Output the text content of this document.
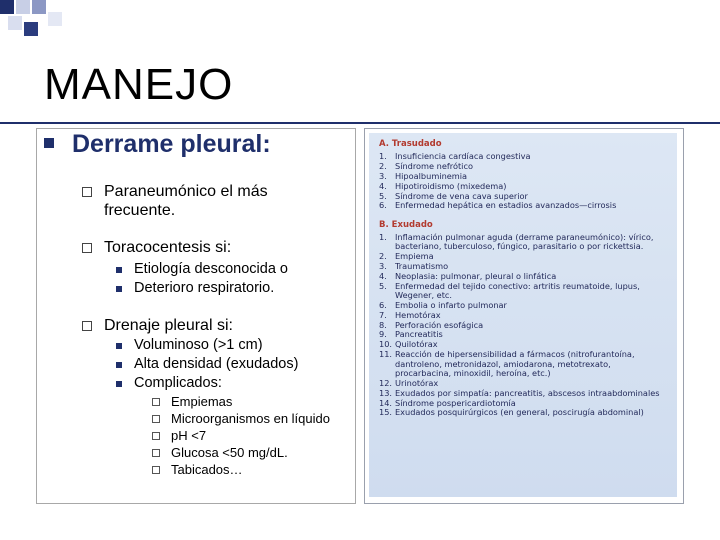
MANEJO
Derrame pleural:
Paraneumónico el más
frecuente.
Toracocentesis si:
Etiología desconocida o
Deterioro respiratorio.
Drenaje pleural si:
Voluminoso (>1 cm)
Alta densidad (exudados)
Complicados:
Empiemas
Microorganismos en líquido
pH <7
Glucosa <50 mg/dL.
Tabicados…
A. Trasudado
1. Insuficiencia cardíaca congestiva
2. Síndrome nefrótico
3. Hipoalbuminemia
4. Hipotiroidismo (mixedema)
5. Síndrome de vena cava superior
6. Enfermedad hepática en estadios avanzados—cirrosis
B. Exudado
1. Inflamación pulmonar aguda (derrame paraneumónico): vírico, bacteriano, tuberculoso, fúngico, parasitario o por rickettsia.
2. Empiema
3. Traumatismo
4. Neoplasia: pulmonar, pleural o linfática
5. Enfermedad del tejido conectivo: artritis reumatoide, lupus, Wegener, etc.
6. Embolia o infarto pulmonar
7. Hemotórax
8. Perforación esofágica
9. Pancreatitis
10. Quilotórax
11. Reacción de hipersensibilidad a fármacos (nitrofurantoína, dantroleno, metronidazol, amiodarona, metotrexato, procarbacina, minoxidil, heroína, etc.)
12. Urinotórax
13. Exudados por simpatía: pancreatitis, abscesos intraabdominales
14. Síndrome pospericardiotomía
15. Exudados posquirúrgicos (en general, poscirugía abdominal)
